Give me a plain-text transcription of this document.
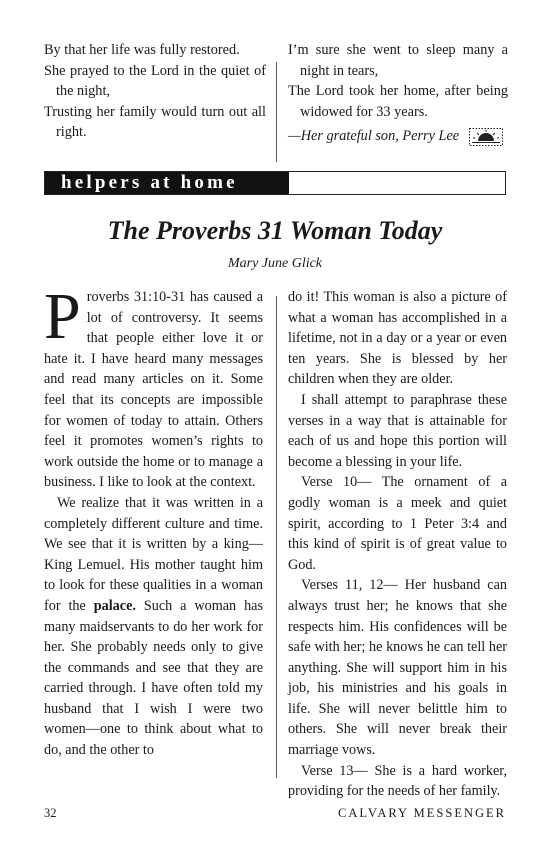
By that her life was fully restored.

She prayed to the Lord in the quiet of the night,

Trusting her family would turn out all right.

I’m sure she went to sleep many a night in tears,

The Lord took her home, after being widowed for 33 years.

—Her grateful son, Perry Lee

helpers at home
The Proverbs 31 Woman Today
Mary June Glick

Proverbs 31:10-31 has caused a lot of controversy. It seems that people either love it or hate it. I have heard many messages and read many articles on it. Some feel that its concepts are impossible for women of today to attain. Others feel it promotes women’s rights to work outside the home or to manage a business. I like to look at the context.

We realize that it was written in a completely different culture and time. We see that it is written by a king—King Lemuel. His mother taught him to look for these qualities in a woman for the palace. Such a woman has many maidservants to do her work for her. She probably needs only to give the commands and see that they are carried through. I have often told my husband that I wish I were two women—one to think about what to do, and the other to

do it! This woman is also a picture of what a woman has accomplished in a lifetime, not in a day or a year or even ten years. She is blessed by her children when they are older.

I shall attempt to paraphrase these verses in a way that is attainable for each of us and hope this portion will become a blessing in your life.

Verse 10— The ornament of a godly woman is a meek and quiet spirit, according to 1 Peter 3:4 and this kind of spirit is of great value to God.

Verses 11, 12— Her husband can always trust her; he knows that she respects him. His confidences will be safe with her; he knows he can tell her anything. She will support him in his job, his ministries and his goals in life. She will never belittle him to others. She will never break their marriage vows.

Verse 13— She is a hard worker, providing for the needs of her family.

32	CALVARY MESSENGER
